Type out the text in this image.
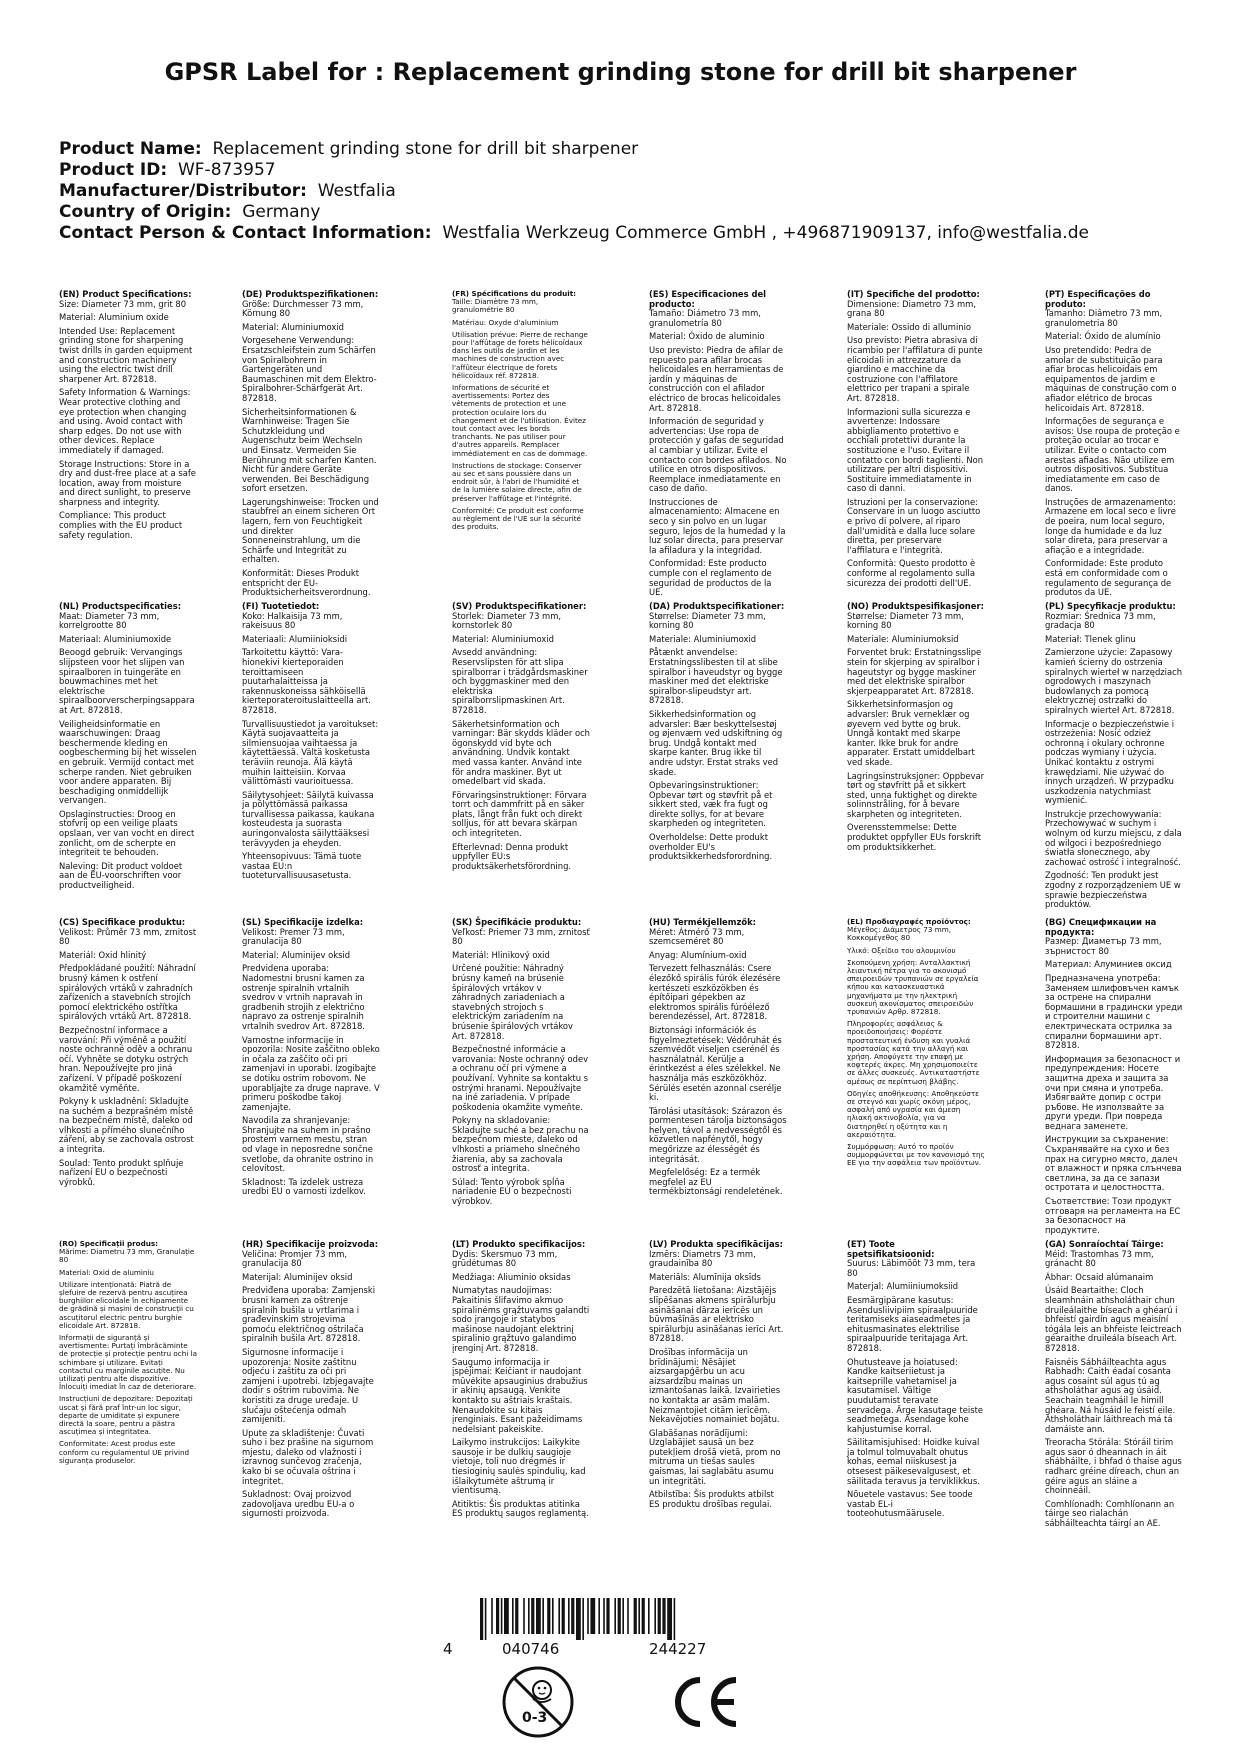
GPSR Label for : Replacement grinding stone for drill bit sharpener
Product Name: Replacement grinding stone for drill bit sharpener
Product ID: WF-873957
Manufacturer/Distributor: Westfalia
Country of Origin: Germany
Contact Person & Contact Information: Westfalia Werkzeug Commerce GmbH , +496871909137, info@westfalia.de
(EN) Product Specifications:

Size: Diameter 73 mm, grit 80

Material: Aluminium oxide

Intended Use: Replacement grinding stone for sharpening twist drills in garden equipment and construction machinery using the electric twist drill sharpener Art. 872818.

Safety Information & Warnings: Wear protective clothing and eye protection when changing and using. Avoid contact with sharp edges. Do not use with other devices. Replace immediately if damaged.

Storage Instructions: Store in a dry and dust-free place at a safe location, away from moisture and direct sunlight, to preserve sharpness and integrity.

Compliance: This product complies with the EU product safety regulation.

(DE) Produktspezifikationen:

Größe: Durchmesser 73 mm, Körnung 80

Material: Aluminiumoxid

Vorgesehene Verwendung: Ersatzschleifstein zum Schärfen von Spiralbohrern in Gartengeräten und Baumaschinen mit dem Elektro-Spiralbohrer-Schärfgerät Art. 872818.

Sicherheitsinformationen & Warnhinweise: Tragen Sie Schutzkleidung und Augenschutz beim Wechseln und Einsatz. Vermeiden Sie Berührung mit scharfen Kanten. Nicht für andere Geräte verwenden. Bei Beschädigung sofort ersetzen.

Lagerungshinweise: Trocken und staubfrei an einem sicheren Ort lagern, fern von Feuchtigkeit und direkter Sonneneinstrahlung, um die Schärfe und Integrität zu erhalten.

Konformität: Dieses Produkt entspricht der EU-Produktsicherheitsverordnung.

(FR) Spécifications du produit:

Taille: Diamètre 73 mm, granulométrie 80

Matériau: Oxyde d'aluminium

Utilisation prévue: Pierre de rechange pour l'affûtage de forets hélicoïdaux dans les outils de jardin et les machines de construction avec l'affûteur électrique de forets hélicoïdaux réf. 872818.

Informations de sécurité et avertissements: Portez des vêtements de protection et une protection oculaire lors du changement et de l'utilisation. Évitez tout contact avec les bords tranchants. Ne pas utiliser pour d'autres appareils. Remplacer immédiatement en cas de dommage.

Instructions de stockage: Conserver au sec et sans poussière dans un endroit sûr, à l'abri de l'humidité et de la lumière solaire directe, afin de préserver l'affûtage et l'intégrité.

Conformité: Ce produit est conforme au règlement de l'UE sur la sécurité des produits.

(ES) Especificaciones del producto:

Tamaño: Diámetro 73 mm, granulometría 80

Material: Óxido de aluminio

Uso previsto: Piedra de afilar de repuesto para afilar brocas helicoidales en herramientas de jardín y máquinas de construcción con el afilador eléctrico de brocas helicoidales Art. 872818.

Información de seguridad y advertencias: Use ropa de protección y gafas de seguridad al cambiar y utilizar. Evite el contacto con bordes afilados. No utilice en otros dispositivos. Reemplace inmediatamente en caso de daño.

Instrucciones de almacenamiento: Almacene en seco y sin polvo en un lugar seguro, lejos de la humedad y la luz solar directa, para preservar la afiladura y la integridad.

Conformidad: Este producto cumple con el reglamento de seguridad de productos de la UE.

(IT) Specifiche del prodotto:

Dimensione: Diametro 73 mm, grana 80

Materiale: Ossido di alluminio

Uso previsto: Pietra abrasiva di ricambio per l'affilatura di punte elicoidali in attrezzature da giardino e macchine da costruzione con l'affilatore elettrico per trapani a spirale Art. 872818.

Informazioni sulla sicurezza e avvertenze: Indossare abbigliamento protettivo e occhiali protettivi durante la sostituzione e l'uso. Evitare il contatto con bordi taglienti. Non utilizzare per altri dispositivi. Sostituire immediatamente in caso di danni.

Istruzioni per la conservazione: Conservare in un luogo asciutto e privo di polvere, al riparo dall'umidità e dalla luce solare diretta, per preservare l'affilatura e l'integrità.

Conformità: Questo prodotto è conforme al regolamento sulla sicurezza dei prodotti dell'UE.

(PT) Especificações do produto:

Tamanho: Diâmetro 73 mm, granulometria 80

Material: Óxido de alumínio

Uso pretendido: Pedra de amolar de substituição para afiar brocas helicoidais em equipamentos de jardim e máquinas de construção com o afiador elétrico de brocas helicoidais Art. 872818.

Informações de segurança e avisos: Use roupa de proteção e proteção ocular ao trocar e utilizar. Evite o contacto com arestas afiadas. Não utilize em outros dispositivos. Substitua imediatamente em caso de danos.

Instruções de armazenamento: Armazene em local seco e livre de poeira, num local seguro, longe da humidade e da luz solar direta, para preservar a afiação e a integridade.

Conformidade: Este produto está em conformidade com o regulamento de segurança de produtos da UE.

(NL) Productspecificaties:

Maat: Diameter 73 mm, korrelgrootte 80

Materiaal: Aluminiumoxide

Beoogd gebruik: Vervangings slijpsteen voor het slijpen van spiraalboren in tuingeräte en bouwmachines met het elektrische spiraalboorverscherpingsapparaat Art. 872818.

Veiligheidsinformatie en waarschuwingen: Draag beschermende kleding en oogbescherming bij het wisselen en gebruik. Vermijd contact met scherpe randen. Niet gebruiken voor andere apparaten. Bij beschadiging onmiddellijk vervangen.

Opslaginstructies: Droog en stofvrij op een veilige plaats opslaan, ver van vocht en direct zonlicht, om de scherpte en integriteit te behouden.

Naleving: Dit product voldoet aan de EU-voorschriften voor productveiligheid.

(FI) Tuotetiedot:

Koko: Halkaisija 73 mm, rakeisuus 80

Materiaali: Alumiinioksidi

Tarkoitettu käyttö: Vara-hionekivi kierteporaiden teroittamiseen puutarhalaitteissa ja rakennuskoneissa sähköisellä kierteporateroituslaitteella art. 872818.

Turvallisuustiedot ja varoitukset: Käytä suojavaatteita ja silmiensuojaa vaihtaessa ja käytettäessä. Vältä kosketusta teräviin reunoja. Älä käytä muihin laitteisiin. Korvaa välittömästi vaurioituessa.

Säilytysohjeet: Säilytä kuivassa ja pölyttömässä paikassa turvallisessa paikassa, kaukana kosteudesta ja suorasta auringonvalosta säilyttääksesi terävyyden ja eheyden.

Yhteensopivuus: Tämä tuote vastaa EU:n tuoteturvallisuusasetusta.

(SV) Produktspecifikationer:

Storlek: Diameter 73 mm, kornstorlek 80

Material: Aluminiumoxid

Avsedd användning: Reservslipsten för att slipa spiralborrar i trädgårdsmaskiner och byggmaskiner med den elektriska spiralborrslipmaskinen Art. 872818.

Säkerhetsinformation och varningar: Bär skydds kläder och ögonskydd vid byte och användning. Undvik kontakt med vassa kanter. Använd inte för andra maskiner. Byt ut omedelbart vid skada.

Förvaringsinstruktioner: Förvara torrt och dammfritt på en säker plats, långt från fukt och direkt solljus, för att bevara skärpan och integriteten.

Efterlevnad: Denna produkt uppfyller EU:s produktsäkerhetsförordning.

(DA) Produktspecifikationer:

Størrelse: Diameter 73 mm, korning 80

Materiale: Aluminiumoxid

Påtænkt anvendelse: Erstatningsslibesten til at slibe spiralbor i haveudstyr og bygge maskiner med det elektriske spiralbor-slipeudstyr art. 872818.

Sikkerhedsinformation og advarsler: Bær beskyttelsestøj og øjenværn ved udskiftning og brug. Undgå kontakt med skarpe kanter. Brug ikke til andre udstyr. Erstat straks ved skade.

Opbevaringsinstruktioner: Opbevar tørt og støvfrit på et sikkert sted, væk fra fugt og direkte sollys, for at bevare skarpheden og integriteten.

Overholdelse: Dette produkt overholder EU's produktsikkerhedsforordning.

(NO) Produktspesifikasjoner:

Størrelse: Diameter 73 mm, korning 80

Materiale: Aluminiumoksid

Forventet bruk: Erstatningsslipe stein for skjerping av spiralbor i hageutstyr og bygge maskiner med det elektriske spiralbor skjerpeapparatet Art. 872818.

Sikkerhetsinformasjon og advarsler: Bruk verneklær og øyevern ved bytte og bruk. Unngå kontakt med skarpe kanter. Ikke bruk for andre apparater. Erstatt umiddelbart ved skade.

Lagringsinstruksjoner: Oppbevar tørt og støvfritt på et sikkert sted, unna fuktighet og direkte solinnstråling, for å bevare skarpheten og integriteten.

Overensstemmelse: Dette produktet oppfyller EUs forskrift om produktsikkerhet.

(PL) Specyfikacje produktu:

Rozmiar: Średnica 73 mm, gradacja 80

Materiał: Tlenek glinu

Zamierzone użycie: Zapasowy kamień ścierny do ostrzenia spiralnych wierteł w narzędziach ogrodowych i maszynach budowlanych za pomocą elektrycznej ostrzałki do spiralnych wierteł Art. 872818.

Informacje o bezpieczeństwie i ostrzeżenia: Nosić odzież ochronną i okulary ochronne podczas wymiany i użycia. Unikać kontaktu z ostrymi krawędziami. Nie używać do innych urządzeń. W przypadku uszkodzenia natychmiast wymienić.

Instrukcje przechowywania: Przechowywać w suchym i wolnym od kurzu miejscu, z dala od wilgoci i bezpośredniego światła słonecznego, aby zachować ostrość i integralność.

Zgodność: Ten produkt jest zgodny z rozporządzeniem UE w sprawie bezpieczeństwa produktów.

(CS) Specifikace produktu:

Velikost: Průměr 73 mm, zrnitost 80

Materiál: Oxid hlinitý

Předpokládané použití: Náhradní brusný kámen k ostření spirálových vrtáků v zahradních zařízeních a stavebních strojích pomocí elektrického ostřítka spirálových vrtáků Art. 872818.

Bezpečnostní informace a varování: Při výměně a použití noste ochranné oděv a ochranu očí. Vyhněte se dotyku ostrých hran. Nepoužívejte pro jiná zařízení. V případě poškození okamžitě vyměňte.

Pokyny k uskladnění: Skladujte na suchém a bezprašném místě na bezpečném místě, daleko od vlhkosti a přímého slunečního záření, aby se zachovala ostrost a integrita.

Soulad: Tento produkt splňuje nařízení EU o bezpečnosti výrobků.

(SL) Specifikacije izdelka:

Velikost: Premer 73 mm, granulacija 80

Material: Aluminijev oksid

Predvidena uporaba: Nadomestni brusni kamen za ostrenje spiralnih vrtalnih svedrov v vrtnih napravah in gradbenih strojih z električno napravo za ostrenje spiralnih vrtalnih svedrov Art. 872818.

Varnostne informacije in opozorila: Nosite zaščitno obleko in očala za zaščito oči pri zamenjavi in uporabi. Izogibajte se dotiku ostrim robovom. Ne uporabljajte za druge naprave. V primeru poškodbe takoj zamenjajte.

Navodila za shranjevanje: Shranjujte na suhem in prašno prostem varnem mestu, stran od vlage in neposredne sončne svetlobe, da ohranite ostrino in celovitost.

Skladnost: Ta izdelek ustreza uredbi EU o varnosti izdelkov.

(SK) Špecifikácie produktu:

Veľkosť: Priemer 73 mm, zrnitosť 80

Materiál: Hlinikový oxid

Určené použitie: Náhradný brúsny kameň na brúsenie špirálových vrtákov v záhradných zariadeniach a stavebných strojoch s elektrickým zariadením na brúsenie špirálových vrtákov Art. 872818.

Bezpečnostné informácie a varovania: Noste ochranný odev a ochranu očí pri výmene a používaní. Vyhnite sa kontaktu s ostrými hranami. Nepoužívajte na iné zariadenia. V prípade poškodenia okamžite vymeňte.

Pokyny na skladovanie: Skladujte suché a bez prachu na bezpečnom mieste, daleko od vlhkosti a priameho slnečného žiarenia, aby sa zachovala ostrosť a integrita.

Súlad: Tento výrobok spĺňa nariadenie EÚ o bezpečnosti výrobkov.

(HU) Termékjellemzők:

Méret: Átmérő 73 mm, szemcseméret 80

Anyag: Alumínium-oxid

Tervezett felhasználás: Csere élezőkő spirális fúrók élezésére kertészeti eszközökben és építőipari gépekben az elektromos spirális fúróélező berendezéssel, Art. 872818.

Biztonsági információk és figyelmeztetések: Védőruhát és szemvédőt viseljen cserénél és használatnál. Kerülje a érintkezést a éles szélekkel. Ne használja más eszközökhöz. Sérülés esetén azonnal cserélje ki.

Tárolási utasítások: Szárazon és pormentesen tárolja biztonságos helyen, távol a nedvességtől és közvetlen napfénytől, hogy megőrizze az élességét és integritását.

Megfelelőség: Ez a termék megfelel az EU termékbiztonsági rendeletének.

(EL) Προδιαγραφές προϊόντος:

Μέγεθος: Διάμετρος 73 mm, Κοκκομέγεθος 80

Υλικό: Οξείδιο του αλουμινίου

Σκοπούμενη χρήση: Ανταλλακτική λειαντική πέτρα για το ακονισμό σπειροειδών τρυπανιών σε εργαλεία κήπου και κατασκευαστικά μηχανήματα με την ηλεκτρική συσκευή ακονίσματος σπειροειδών τρυπανιών Αρθρ. 872818.

Πληροφορίες ασφάλειας & προειδοποιήσεις: Φορέστε προστατευτική ένδυση και γυαλιά προστασίας κατά την αλλαγή και χρήση. Αποφύγετε την επαφή με κοφτερές άκρες. Μη χρησιμοποιείτε σε άλλες συσκευές. Αντικαταστήστε αμέσως σε περίπτωση βλάβης.

Οδηγίες αποθήκευσης: Αποθηκεύστε σε στεγνό και χωρίς σκόνη μέρος, ασφαλή από υγρασία και άμεση ηλιακή ακτινοβολία, για να διατηρηθεί η οξύτητα και η ακεραιότητα.

Συμμόρφωση: Αυτό το προϊόν συμμορφώνεται με τον κανονισμό της ΕΕ για την ασφάλεια των προϊόντων.

(BG) Спецификации на продукта:

Размер: Диаметър 73 mm, зърнистост 80

Материал: Алуминиев оксид

Предназначена употреба: Заменяем шлифовъчен камък за острене на спирални бормашини в градински уреди и строителни машини с електрическата острилка за спирални бормашини арт. 872818.

Информация за безопасност и предупреждения: Носете защитна дреха и защита за очи при смяна и употреба. Избягвайте допир с остри ръбове. Не използвайте за други уреди. При повреда веднага заменете.

Инструкции за съхранение: Съхранявайте на сухо и без прах на сигурно място, далеч от влажност и пряка слънчева светлина, за да се запази остротата и целостността.

Съответствие: Този продукт отговаря на регламента на ЕС за безопасност на продуктите.

(RO) Specificații produs:

Mărime: Diametru 73 mm, Granulație 80

Material: Oxid de aluminiu

Utilizare intenționată: Piatră de șlefuire de rezervă pentru ascuțirea burghiilor elicoidale în echipamente de grădină și mașini de construcții cu ascuțitorul electric pentru burghie elicoidale Art. 872818.

Informații de siguranță și avertismente: Purtați îmbrăcăminte de protecție și protecție pentru ochi la schimbare și utilizare. Evitați contactul cu marginile ascuțite. Nu utilizați pentru alte dispozitive. Înlocuiți imediat în caz de deteriorare.

Instrucțiuni de depozitare: Depozitați uscat și fără praf într-un loc sigur, departe de umiditate și expunere directă la soare, pentru a păstra ascuțimea și integritatea.

Conformitate: Acest produs este conform cu regulamentul UE privind siguranța produselor.

(HR) Specifikacije proizvoda:

Veličina: Promjer 73 mm, granulacija 80

Materijal: Aluminijev oksid

Predviđena uporaba: Zamjenski brusni kamen za oštrenje spiralnih bušila u vrtlarima i građevinskim strojevima pomoću električnog oštrilača spiralnih bušila Art. 872818.

Sigurnosne informacije i upozorenja: Nosite zaštitnu odjeću i zaštitu za oči pri zamjeni i upotrebi. Izbjegavajte dodir s oštrim rubovima. Ne koristiti za druge uređaje. U slučaju oštećenja odmah zamijeniti.

Upute za skladištenje: Čuvati suho i bez prašine na sigurnom mjestu, daleko od vlažnosti i izravnog sunčevog zračenja, kako bi se očuvala oštrina i integritet.

Sukladnost: Ovaj proizvod zadovoljava uredbu EU-a o sigurnosti proizvoda.

(LT) Produkto specifikacijos:

Dydis: Skersmuo 73 mm, grūdėtumas 80

Medžiaga: Aliuminio oksidas

Numatytas naudojimas: Pakaitinis šlifavimo akmuo spiralinėms grąžtuvams galandti sodo įrangoje ir statybos mašinose naudojant elektrinį spiralinio grąžtuvo galandimo įrenginį Art. 872818.

Saugumo informacija ir įspėjimai: Keičiant ir naudojant mūvėkite apsauginius drabužius ir akinių apsaugą. Venkite kontakto su aštriais kraštais. Nenaudokite su kitais įrenginiais. Esant pažeidimams nedelsiant pakeiskite.

Laikymo instrukcijos: Laikykite sausoje ir be dulkių saugioje vietoje, toli nuo drėgmės ir tiesioginių saulės spindulių, kad išlaikytumėte aštrumą ir vientisumą.

Atitiktis: Šis produktas atitinka ES produktų saugos reglamentą.

(LV) Produkta specifikācijas:

Izmērs: Diametrs 73 mm, graudainība 80

Materiāls: Alumīnija oksīds

Paredzētā lietošana: Aizstājējs slīpēšanas akmens spirālurbju asināšanai dārza ierīcēs un būvmašīnās ar elektrisko spirālurbju asināšanas ierīci Art. 872818.

Drošības informācija un brīdinājumi: Nēsājiet aizsargapģērbu un acu aizsardzību mainas un izmantošanas laikā. Izvairieties no kontakta ar asām malām. Neizmantojiet citām ierīcēm. Nekavējoties nomainiet bojātu.

Glabāšanas norādījumi: Uzglabājiet sausā un bez putekļiem drošā vietā, prom no mitruma un tiešas saules gaismas, lai saglabātu asumu un integritāti.

Atbilstība: Šis produkts atbilst ES produktu drošības regulai.

(ET) Toote spetsifikatsioonid:

Suurus: Läbimõõt 73 mm, tera 80

Materjal: Alumiiniumoksiid

Eesmärgipärane kasutus: Asendusliivipiim spiraalpuuride teritamiseks aiaseadmetes ja ehitusmasinates elektrilise spiraalpuuride teritajaga Art. 872818.

Ohutusteave ja hoiatused: Kandke kaitseriietust ja kaitseprille vahetamisel ja kasutamisel. Vältige puudutamist teravate servadega. Ärge kasutage teiste seadmetega. Asendage kohe kahjustumise korral.

Säilitamisjuhised: Hoidke kuival ja tolmul tolmuvabalt ohutus kohas, eemal niiskusest ja otsesest päikesevalgusest, et säilitada teravus ja terviklikkus.

Nõuetele vastavus: See toode vastab EL-i tooteohutusmäärusele.

(GA) Sonraíochtaí Táirge:

Méid: Trastomhas 73 mm, gránacht 80

Ábhar: Ocsaid alúmanaim

Úsáid Beartaithe: Cloch sleamhnáin athsholáthair chun druileálaithe bíseach a ghéarú i bhfeistí gairdín agus meaisíní tógála leis an bhfeiste leictreach géaraithe druileála bíseach Art. 872818.

Faisnéis Sábháilteachta agus Rabhadh: Caith éadaí cosanta agus cosaint súl agus tú ag athsholáthar agus ag úsáid. Seachain teagmháil le himill ghéara. Ná húsáid le feistí eile. Athsholáthair láithreach má tá damáiste ann.

Treoracha Stórála: Stóráil tirim agus saor ó dheannach in áit shábháilte, i bhfad ó thaise agus radharc gréine díreach, chun an géire agus an sláine a choinneáil.

Comhlíonadh: Comhlíonann an táirge seo rialachán sábháilteachta táirgí an AE.

4	040746	244227
0-3
